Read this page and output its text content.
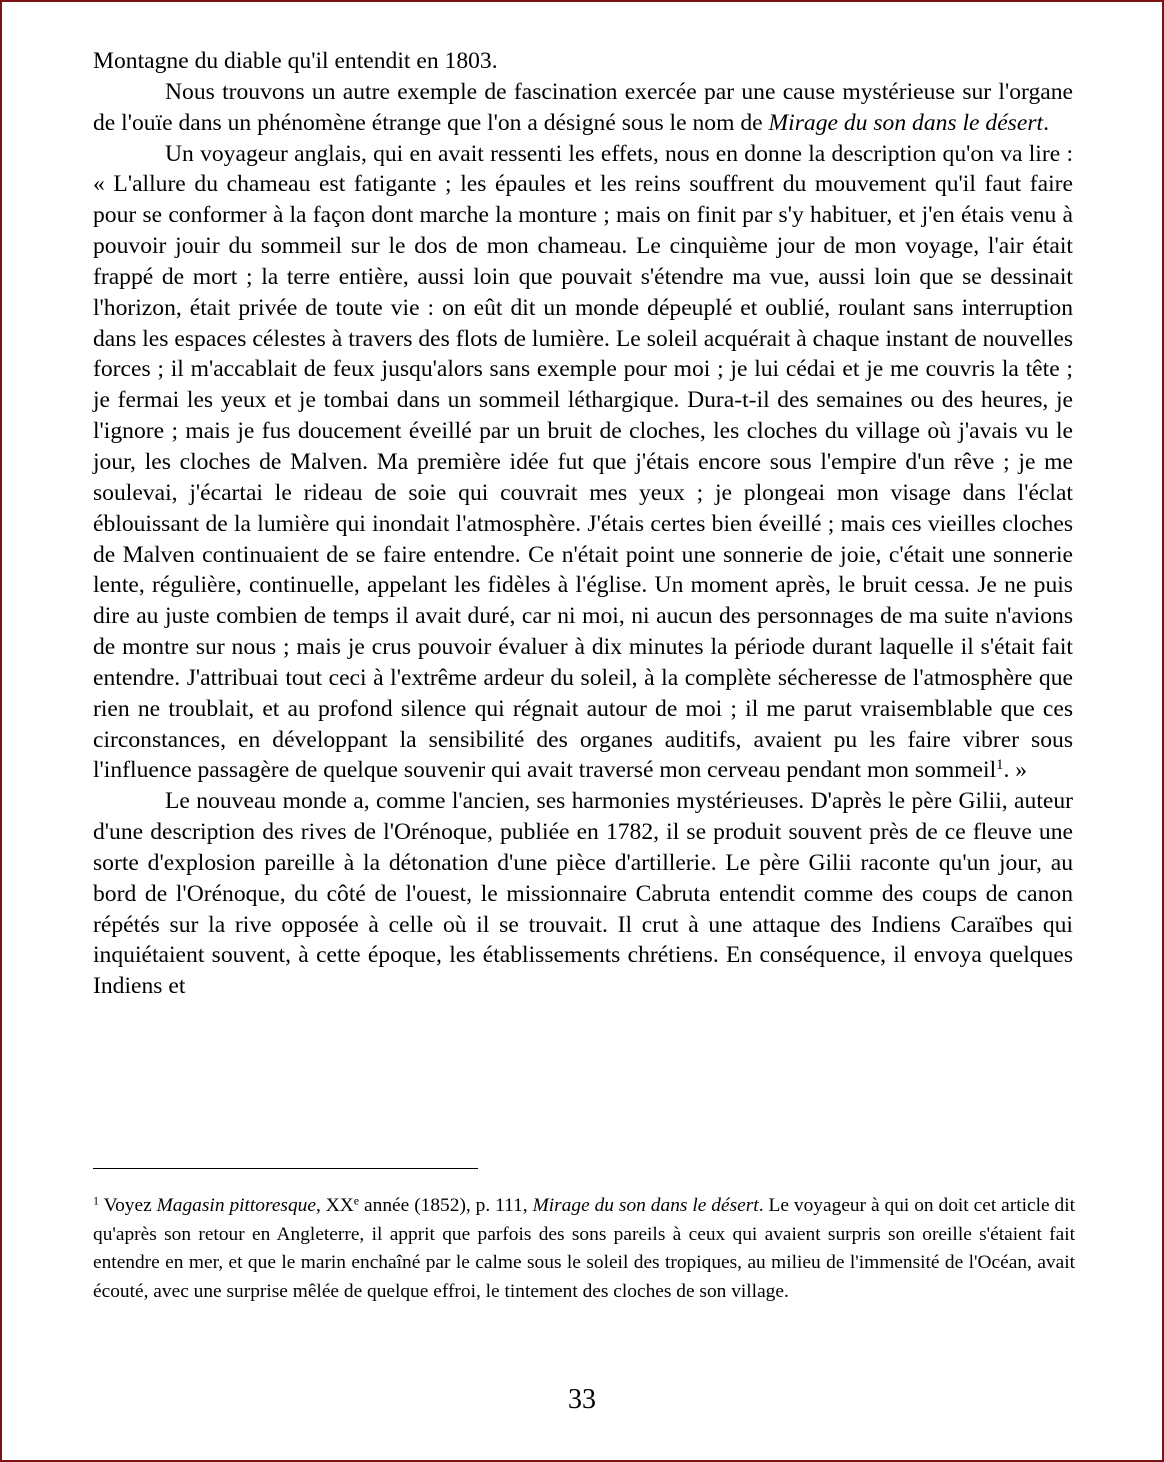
Montagne du diable qu'il entendit en 1803.

Nous trouvons un autre exemple de fascination exercée par une cause mystérieuse sur l'organe de l'ouïe dans un phénomène étrange que l'on a désigné sous le nom de Mirage du son dans le désert.

Un voyageur anglais, qui en avait ressenti les effets, nous en donne la description qu'on va lire : « L'allure du chameau est fatigante ; les épaules et les reins souffrent du mouvement qu'il faut faire pour se conformer à la façon dont marche la monture ; mais on finit par s'y habituer, et j'en étais venu à pouvoir jouir du sommeil sur le dos de mon chameau. Le cinquième jour de mon voyage, l'air était frappé de mort ; la terre entière, aussi loin que pouvait s'étendre ma vue, aussi loin que se dessinait l'horizon, était privée de toute vie : on eût dit un monde dépeuplé et oublié, roulant sans interruption dans les espaces célestes à travers des flots de lumière. Le soleil acquérait à chaque instant de nouvelles forces ; il m'accablait de feux jusqu'alors sans exemple pour moi ; je lui cédai et je me couvris la tête ; je fermai les yeux et je tombai dans un sommeil léthargique. Dura-t-il des semaines ou des heures, je l'ignore ; mais je fus doucement éveillé par un bruit de cloches, les cloches du village où j'avais vu le jour, les cloches de Malven. Ma première idée fut que j'étais encore sous l'empire d'un rêve ; je me soulevai, j'écartai le rideau de soie qui couvrait mes yeux ; je plongeai mon visage dans l'éclat éblouissant de la lumière qui inondait l'atmosphère. J'étais certes bien éveillé ; mais ces vieilles cloches de Malven continuaient de se faire entendre. Ce n'était point une sonnerie de joie, c'était une sonnerie lente, régulière, continuelle, appelant les fidèles à l'église. Un moment après, le bruit cessa. Je ne puis dire au juste combien de temps il avait duré, car ni moi, ni aucun des personnages de ma suite n'avions de montre sur nous ; mais je crus pouvoir évaluer à dix minutes la période durant laquelle il s'était fait entendre. J'attribuai tout ceci à l'extrême ardeur du soleil, à la complète sécheresse de l'atmosphère que rien ne troublait, et au profond silence qui régnait autour de moi ; il me parut vraisemblable que ces circonstances, en développant la sensibilité des organes auditifs, avaient pu les faire vibrer sous l'influence passagère de quelque souvenir qui avait traversé mon cerveau pendant mon sommeil$^1$. »

Le nouveau monde a, comme l'ancien, ses harmonies mystérieuses. D'après le père Gilii, auteur d'une description des rives de l'Orénoque, publiée en 1782, il se produit souvent près de ce fleuve une sorte d'explosion pareille à la détonation d'une pièce d'artillerie. Le père Gilii raconte qu'un jour, au bord de l'Orénoque, du côté de l'ouest, le missionnaire Cabruta entendit comme des coups de canon répétés sur la rive opposée à celle où il se trouvait. Il crut à une attaque des Indiens Caraïbes qui inquiétaient souvent, à cette époque, les établissements chrétiens. En conséquence, il envoya quelques Indiens et

$^1$ Voyez Magasin pittoresque, XXe année (1852), p. 111, Mirage du son dans le désert. Le voyageur à qui on doit cet article dit qu'après son retour en Angleterre, il apprit que parfois des sons pareils à ceux qui avaient surpris son oreille s'étaient fait entendre en mer, et que le marin enchaîné par le calme sous le soleil des tropiques, au milieu de l'immensité de l'Océan, avait écouté, avec une surprise mêlée de quelque effroi, le tintement des cloches de son village.

33
